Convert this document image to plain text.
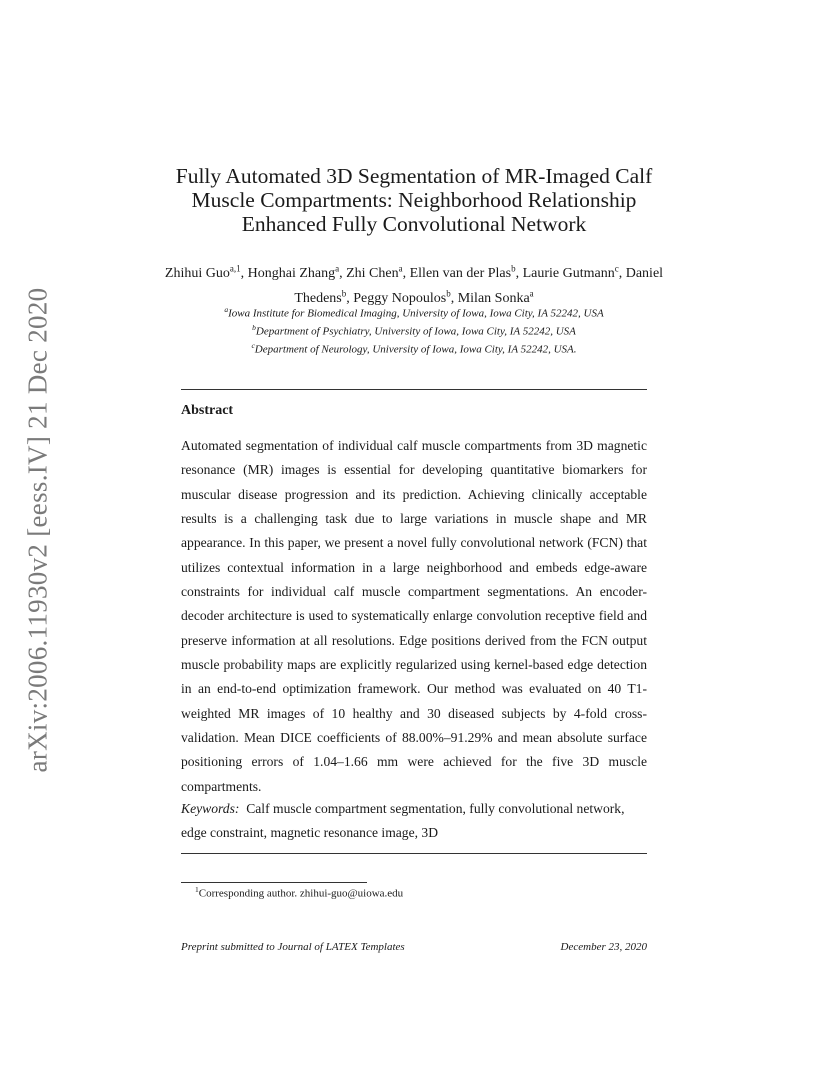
arXiv:2006.11930v2 [eess.IV] 21 Dec 2020
Fully Automated 3D Segmentation of MR-Imaged Calf Muscle Compartments: Neighborhood Relationship Enhanced Fully Convolutional Network
Zhihui Guo$^{a,1}$, Honghai Zhang$^a$, Zhi Chen$^a$, Ellen van der Plas$^b$, Laurie Gutmann$^c$, Daniel Thedens$^b$, Peggy Nopoulos$^b$, Milan Sonka$^a$
$^a$Iowa Institute for Biomedical Imaging, University of Iowa, Iowa City, IA 52242, USA
$^b$Department of Psychiatry, University of Iowa, Iowa City, IA 52242, USA
$^c$Department of Neurology, University of Iowa, Iowa City, IA 52242, USA.
Abstract

Automated segmentation of individual calf muscle compartments from 3D magnetic resonance (MR) images is essential for developing quantitative biomarkers for muscular disease progression and its prediction. Achieving clinically acceptable results is a challenging task due to large variations in muscle shape and MR appearance. In this paper, we present a novel fully convolutional network (FCN) that utilizes contextual information in a large neighborhood and embeds edge-aware constraints for individual calf muscle compartment segmentations. An encoder-decoder architecture is used to systematically enlarge convolution receptive field and preserve information at all resolutions. Edge positions derived from the FCN output muscle probability maps are explicitly regularized using kernel-based edge detection in an end-to-end optimization framework. Our method was evaluated on 40 T1-weighted MR images of 10 healthy and 30 diseased subjects by 4-fold cross-validation. Mean DICE coefficients of 88.00%–91.29% and mean absolute surface positioning errors of 1.04–1.66 mm were achieved for the five 3D muscle compartments.

Keywords: Calf muscle compartment segmentation, fully convolutional network, edge constraint, magnetic resonance image, 3D

$^1$Corresponding author. zhihui-guo@uiowa.edu
Preprint submitted to Journal of LATEX Templates	December 23, 2020
